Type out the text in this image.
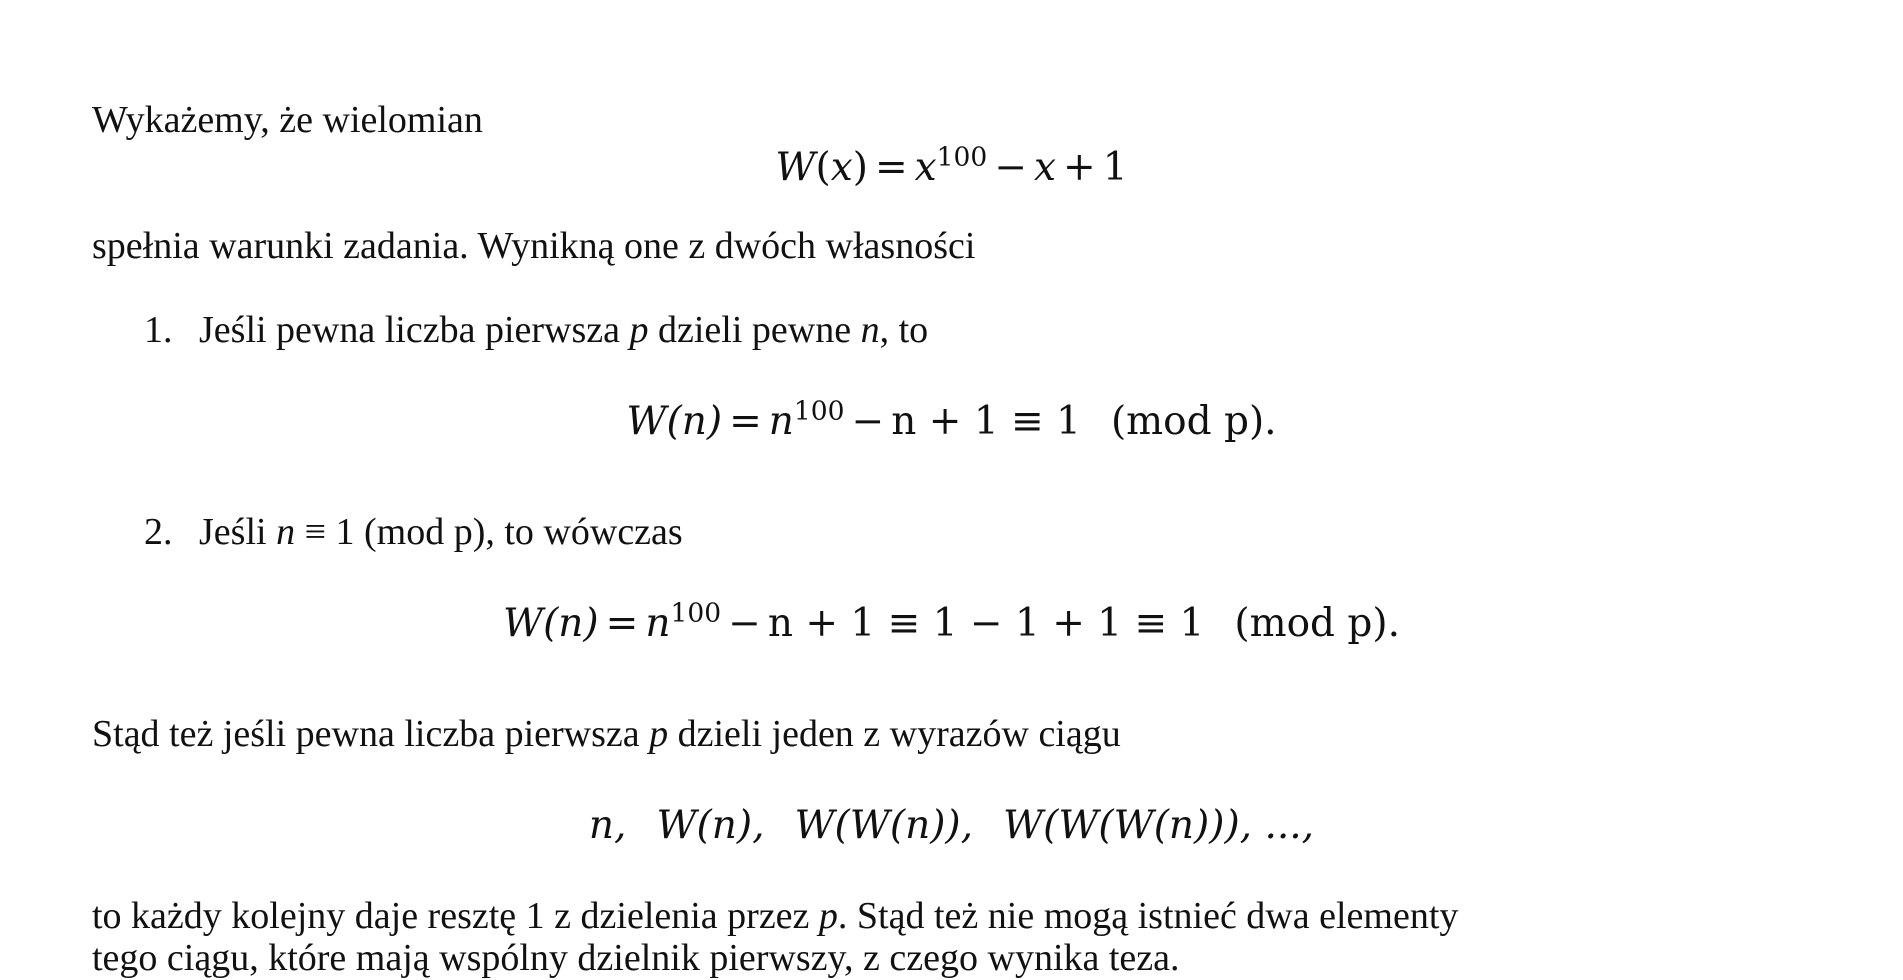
Wykażemy, że wielomian
$W(x) = x^{100} - x + 1$
spełnia warunki zadania. Wynikną one z dwóch własności
1. Jeśli pewna liczba pierwsza p dzieli pewne n, to
$W(n) = n^{100} - n + 1 \equiv 1$ (mod p).
2. Jeśli n ≡ 1 (mod p), to wówczas
$W(n) = n^{100} - n + 1 \equiv 1 - 1 + 1 \equiv 1$ (mod p).
Stąd też jeśli pewna liczba pierwsza p dzieli jeden z wyrazów ciągu
n, W(n), W(W(n)), W(W(W(n))), ...,
to każdy kolejny daje resztę 1 z dzielenia przez p. Stąd też nie mogą istnieć dwa elementy
tego ciągu, które mają wspólny dzielnik pierwszy, z czego wynika teza.
